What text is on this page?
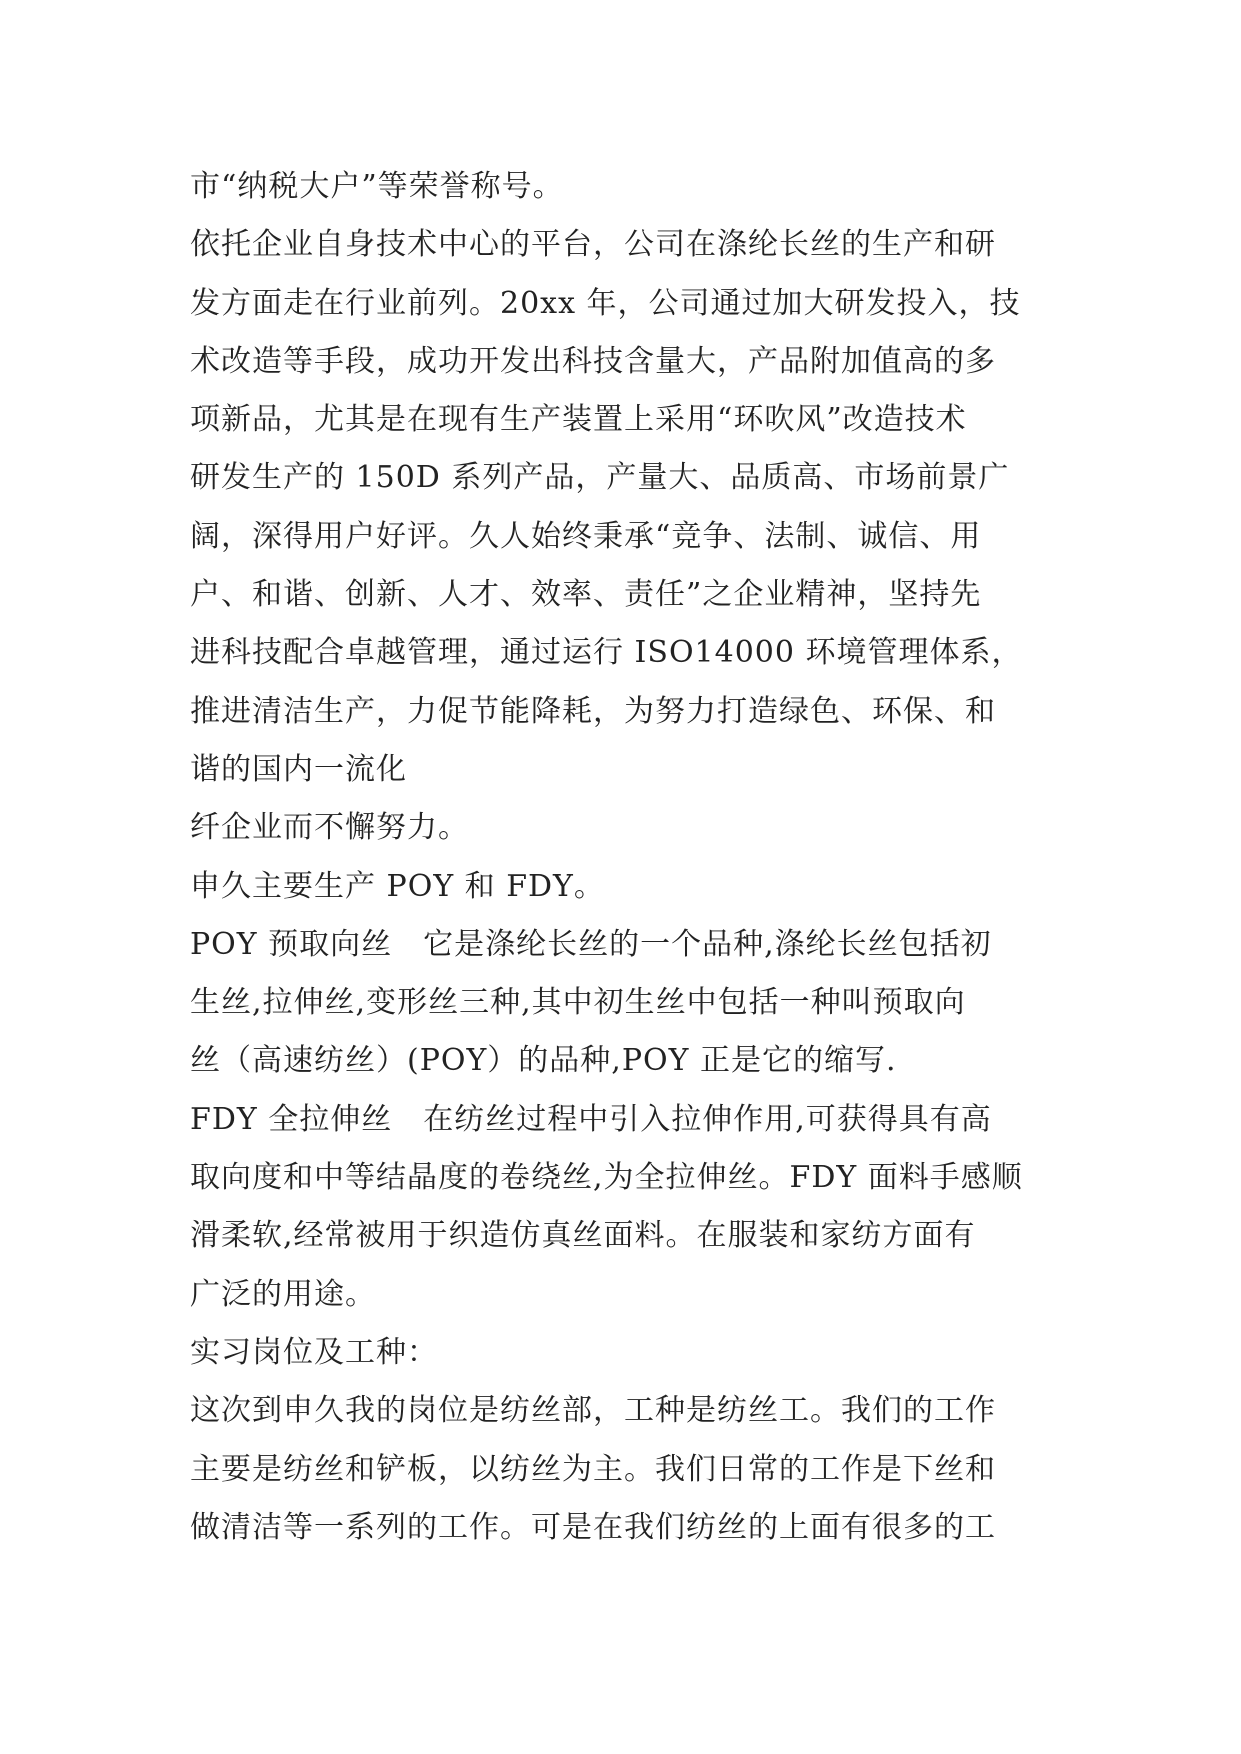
市“纳税大户”等荣誉称号。
依托企业自身技术中心的平台，公司在涤纶长丝的生产和研
发方面走在行业前列。20xx 年，公司通过加大研发投入，技
术改造等手段，成功开发出科技含量大，产品附加值高的多
项新品，尤其是在现有生产装置上采用“环吹风”改造技术
研发生产的 150D 系列产品，产量大、品质高、市场前景广
阔，深得用户好评。久人始终秉承“竞争、法制、诚信、用
户、和谐、创新、人才、效率、责任”之企业精神，坚持先
进科技配合卓越管理，通过运行 ISO14000 环境管理体系，
推进清洁生产，力促节能降耗，为努力打造绿色、环保、和
谐的国内一流化
纤企业而不懈努力。
申久主要生产 POY 和 FDY。
POY 预取向丝　它是涤纶长丝的一个品种,涤纶长丝包括初
生丝,拉伸丝,变形丝三种,其中初生丝中包括一种叫预取向
丝（高速纺丝）(POY）的品种,POY 正是它的缩写.
FDY 全拉伸丝　在纺丝过程中引入拉伸作用,可获得具有高
取向度和中等结晶度的卷绕丝,为全拉伸丝。FDY 面料手感顺
滑柔软,经常被用于织造仿真丝面料。在服装和家纺方面有
广泛的用途。
实习岗位及工种：
这次到申久我的岗位是纺丝部，工种是纺丝工。我们的工作
主要是纺丝和铲板，以纺丝为主。我们日常的工作是下丝和
做清洁等一系列的工作。可是在我们纺丝的上面有很多的工
